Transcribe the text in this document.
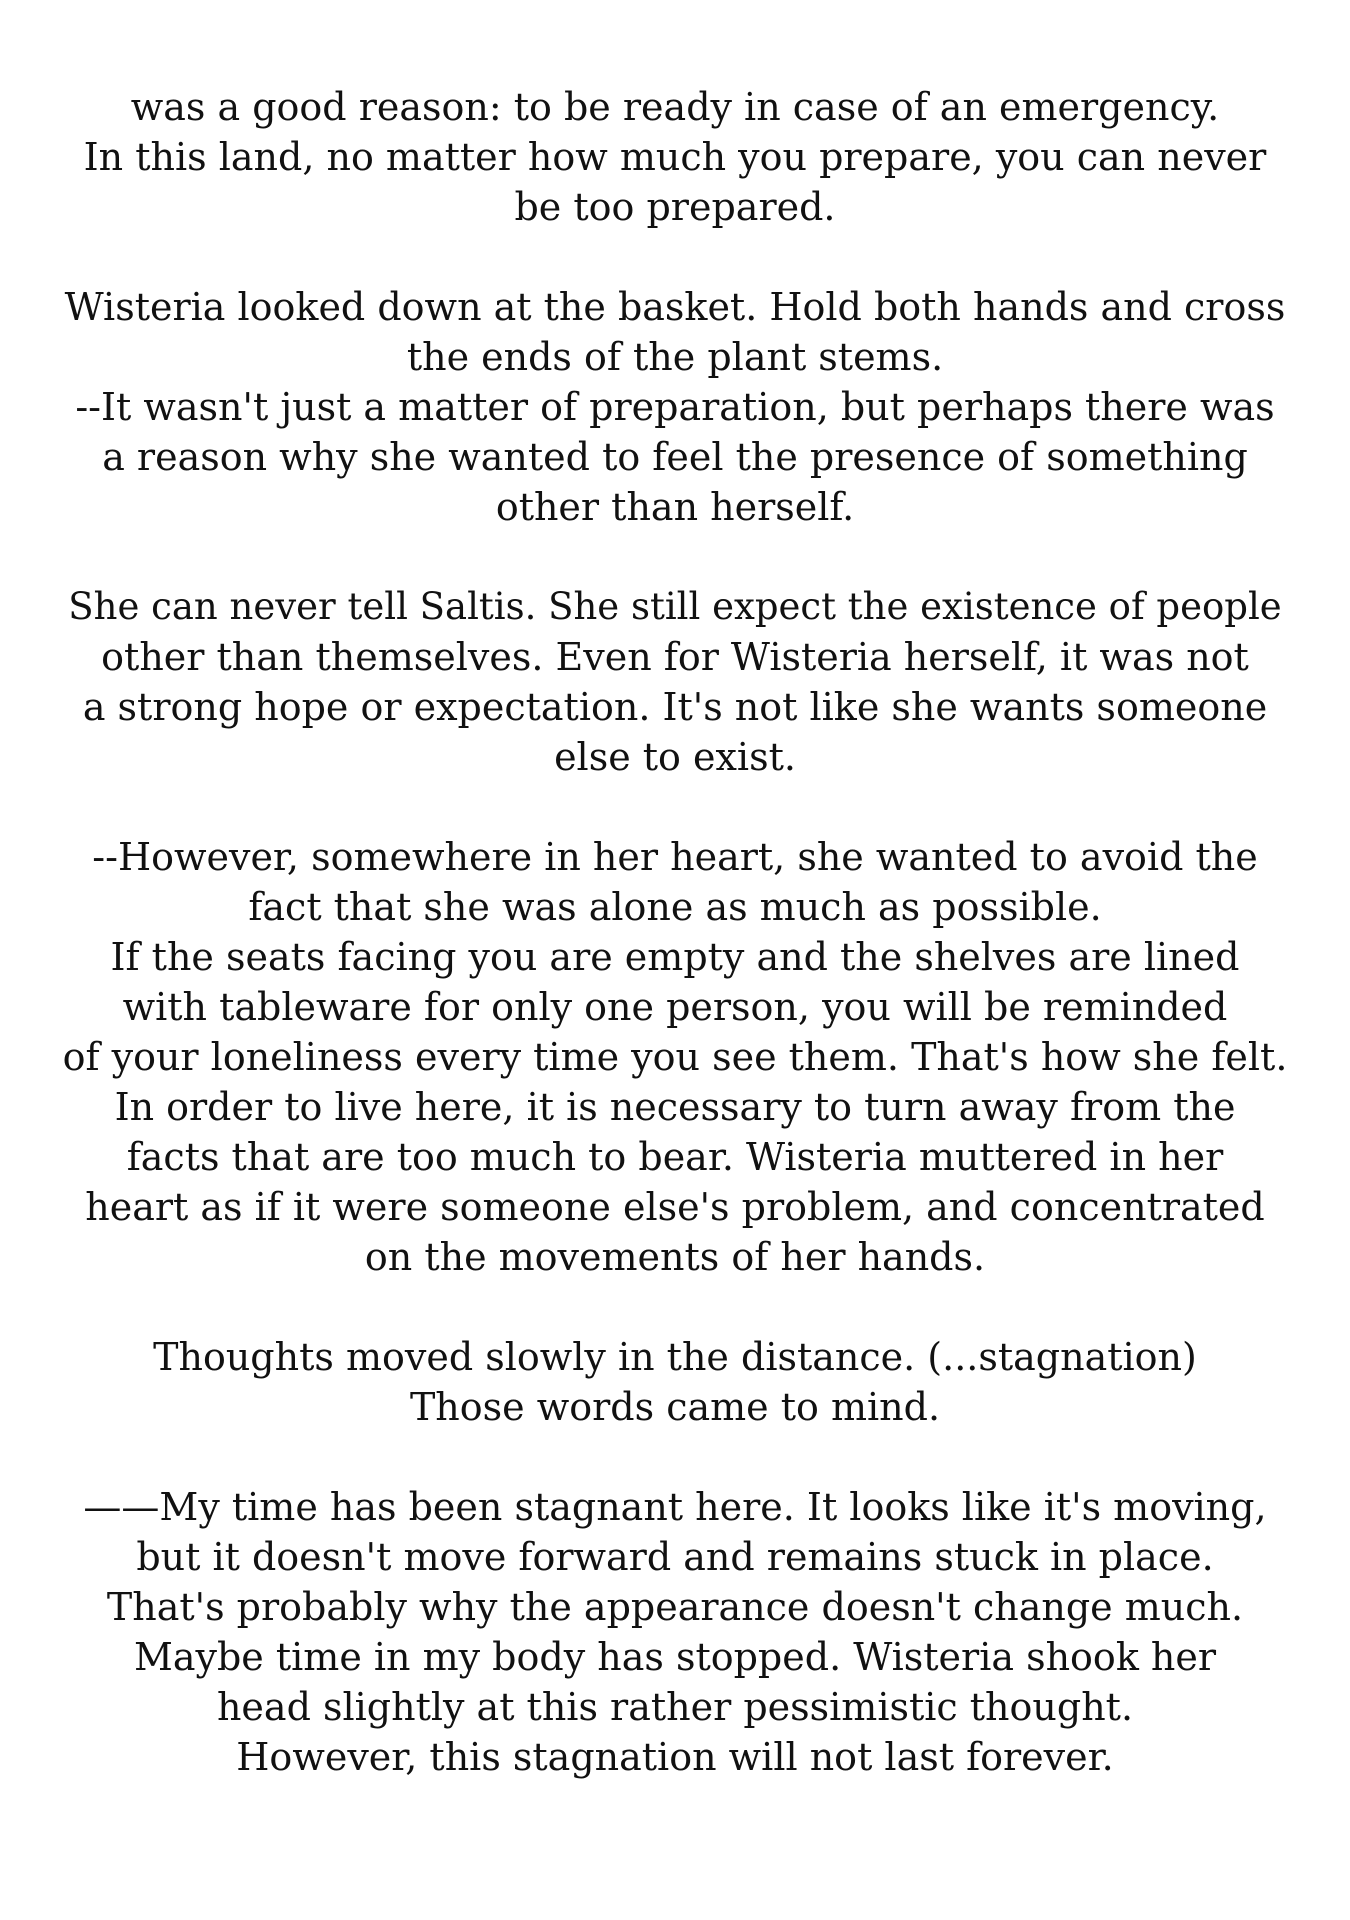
was a good reason: to be ready in case of an emergency.
In this land, no matter how much you prepare, you can never
be too prepared.

Wisteria looked down at the basket. Hold both hands and cross
the ends of the plant stems.
--It wasn't just a matter of preparation, but perhaps there was
a reason why she wanted to feel the presence of something
other than herself.

She can never tell Saltis. She still expect the existence of people
other than themselves. Even for Wisteria herself, it was not
a strong hope or expectation. It's not like she wants someone
else to exist.

--However, somewhere in her heart, she wanted to avoid the
fact that she was alone as much as possible.
If the seats facing you are empty and the shelves are lined
with tableware for only one person, you will be reminded
of your loneliness every time you see them. That's how she felt.
In order to live here, it is necessary to turn away from the
facts that are too much to bear. Wisteria muttered in her
heart as if it were someone else's problem, and concentrated
on the movements of her hands.

Thoughts moved slowly in the distance. (...stagnation)
Those words came to mind.

——My time has been stagnant here. It looks like it's moving,
but it doesn't move forward and remains stuck in place.
That's probably why the appearance doesn't change much.
Maybe time in my body has stopped. Wisteria shook her
head slightly at this rather pessimistic thought.
However, this stagnation will not last forever.
